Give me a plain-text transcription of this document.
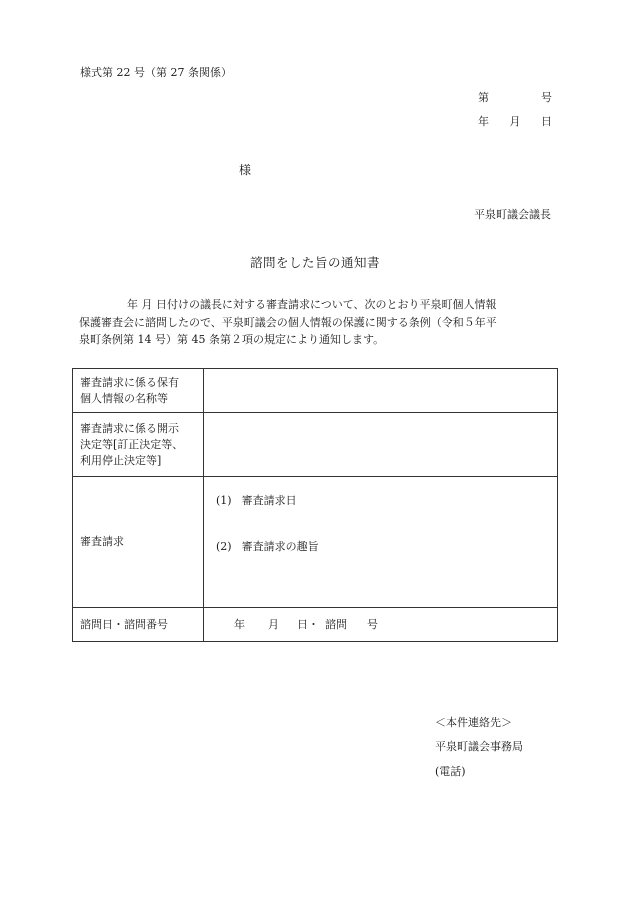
様式第 22 号（第 27 条関係）
第	号
年 月 日
様
平泉町議会議長
諮問をした旨の通知書
年 月 日付けの議長に対する審査請求について、次のとおり平泉町個人情報
保護審査会に諮問したので、平泉町議会の個人情報の保護に関する条例（令和５年平
泉町条例第 14 号）第 45 条第２項の規定により通知します。
審査請求に係る保有
個人情報の名称等	

審査請求に係る開示
決定等[訂正決定等、
利用停止決定等]	

審査請求	(1) 審査請求日
(2) 審査請求の趣旨

諮問日・諮問番号	年 月 日・ 諮問 号
＜本件連絡先＞
平泉町議会事務局
(電話)
